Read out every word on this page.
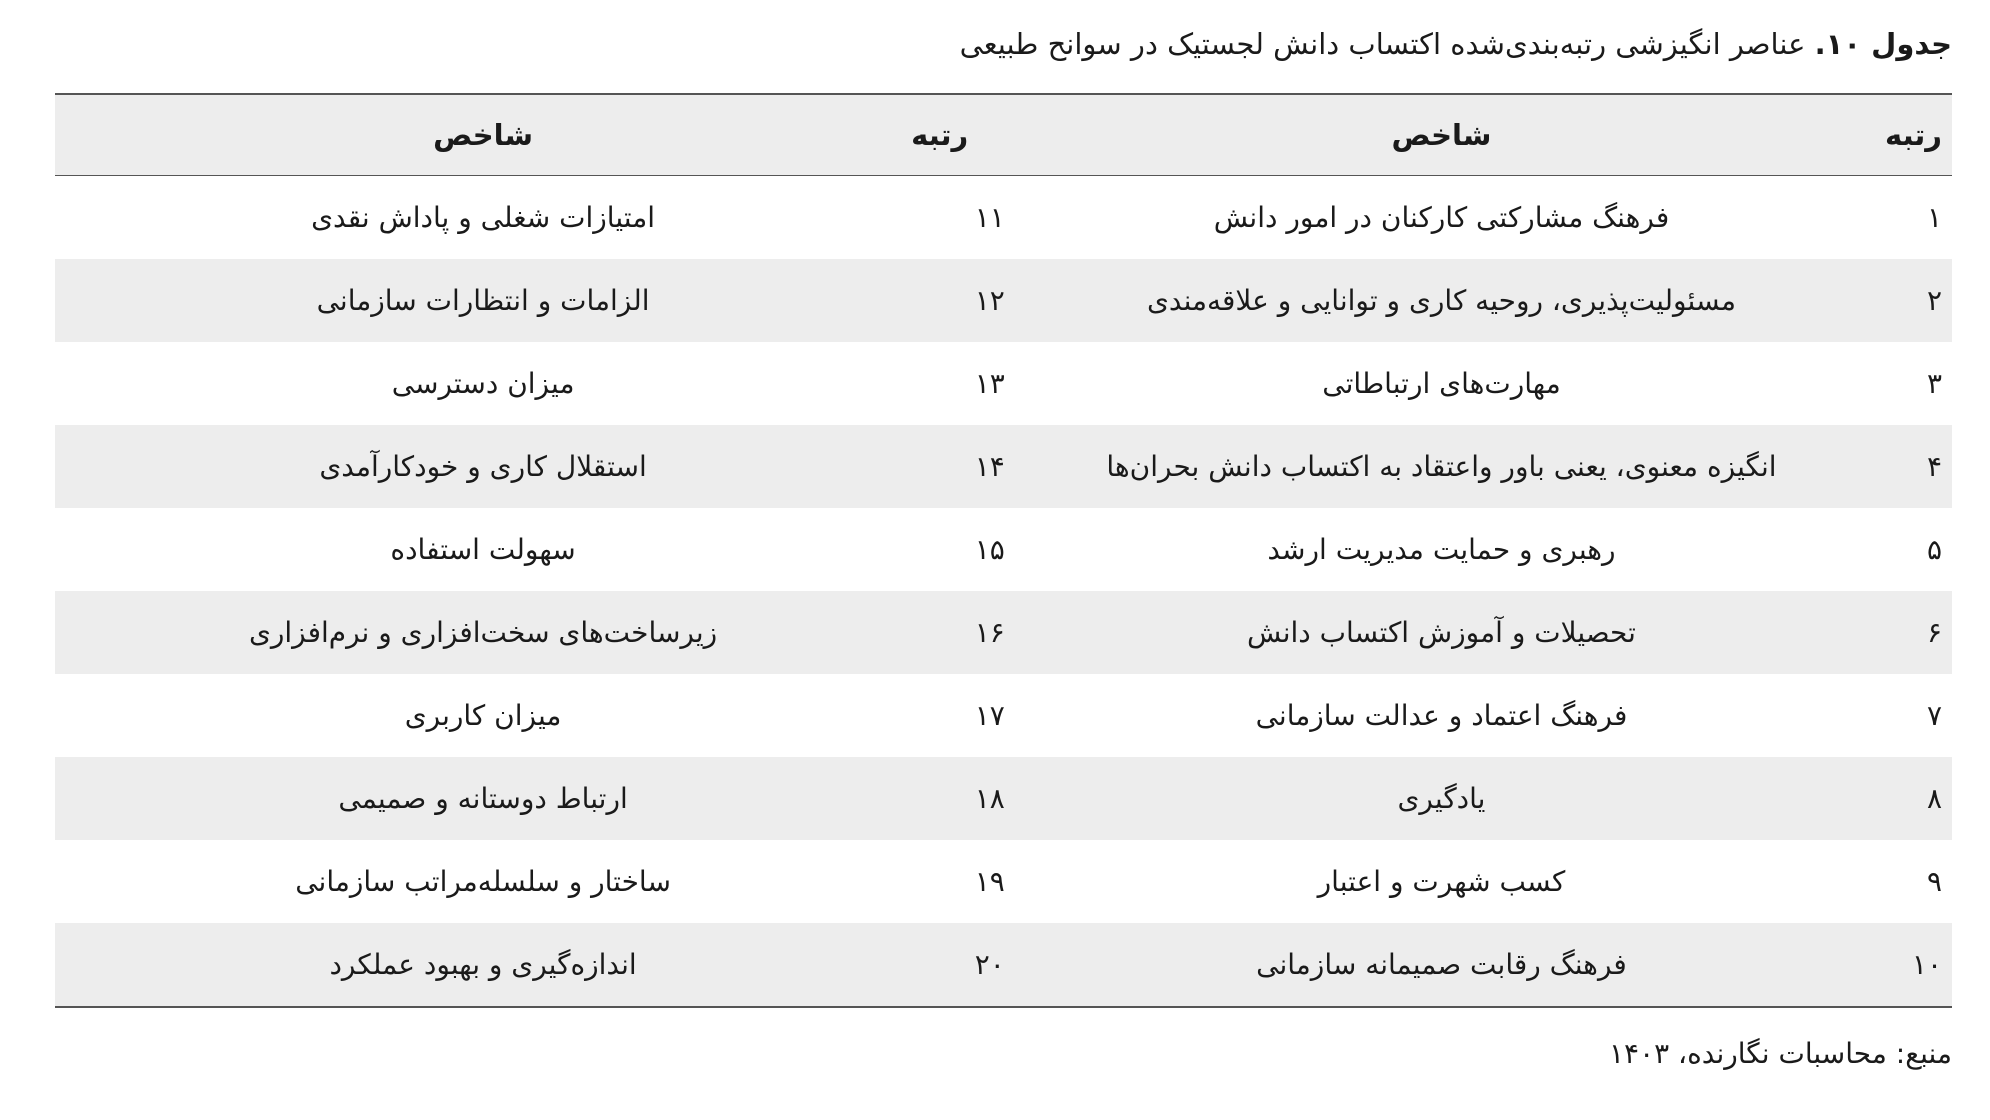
جدول ۱۰. عناصر انگیزشی رتبه‌بندی‌شده اکتساب دانش لجستیک در سوانح طبیعی
رتبه	شاخص	رتبه	شاخص
۱	فرهنگ مشارکتی کارکنان در امور دانش	۱۱	امتیازات شغلی و پاداش نقدی
۲	مسئولیت‌پذیری، روحیه کاری و توانایی و علاقه‌مندی	۱۲	الزامات و انتظارات سازمانی
۳	مهارت‌های ارتباطاتی	۱۳	میزان دسترسی
۴	انگیزه معنوی، یعنی باور واعتقاد به اکتساب دانش بحران‌ها	۱۴	استقلال کاری و خودکارآمدی
۵	رهبری و حمایت مدیریت ارشد	۱۵	سهولت استفاده
۶	تحصیلات و آموزش اکتساب دانش	۱۶	زیرساخت‌های سخت‌افزاری و نرم‌افزاری
۷	فرهنگ اعتماد و عدالت سازمانی	۱۷	میزان کاربری
۸	یادگیری	۱۸	ارتباط دوستانه و صمیمی
۹	کسب شهرت و اعتبار	۱۹	ساختار و سلسله‌مراتب سازمانی
۱۰	فرهنگ رقابت صمیمانه سازمانی	۲۰	اندازه‌گیری و بهبود عملکرد
منبع: محاسبات نگارنده، ۱۴۰۳
